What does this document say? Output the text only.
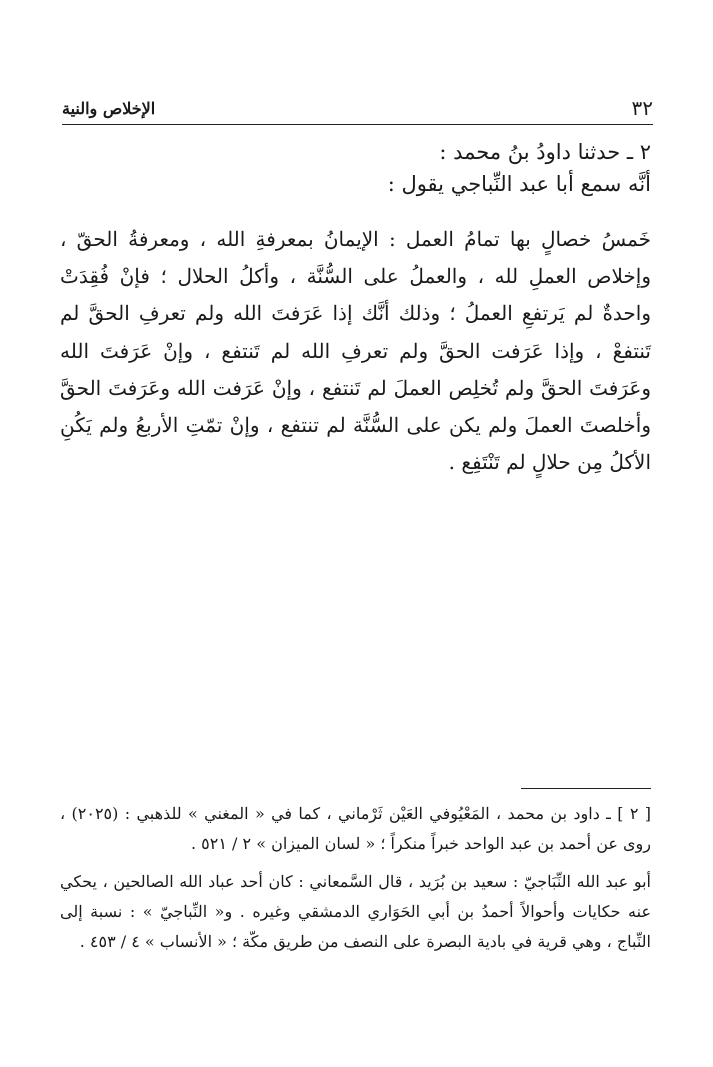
٣٢
الإخلاص والنية

٢ ـ حدثنا داودُ بنُ محمد :

أنَّه سمع أبا عبد النِّباجي يقول :

خَمسُ خصالٍ بها تمامُ العمل : الإيمانُ بمعرفةِ الله ، ومعرفةُ الحقّ ، وإخلاص العملِ لله ، والعملُ على السُّنَّة ، وأكلُ الحلال ؛ فإنْ فُقِدَتْ واحدةٌ لم يَرتفعِ العملُ ؛ وذلك أنَّك إذا عَرَفتَ الله ولم تعرفِ الحقَّ لم تَنتفعْ ، وإذا عَرَفت الحقَّ ولم تعرفِ الله لم تَنتفع ، وإنْ عَرَفتَ الله وعَرَفتَ الحقَّ ولم تُخلِص العملَ لم تَنتفع ، وإنْ عَرَفت الله وعَرَفتَ الحقَّ وأخلصتَ العملَ ولم يكن على السُّنَّة لم تنتفع ، وإنْ تمّتِ الأربعُ ولم يَكُنِ الأكلُ مِن حلالٍ لم تَنْتَفِع .

[ ٢ ] ـ داود بن محمد ، المَعْيُوفي العَيْن ثَرْماني ، كما في « المغني » للذهبي : (٢٠٢٥) ، روى عن أحمد بن عبد الواحد خبراً منكراً ؛ « لسان الميزان » ٢ / ٥٢١ .

أبو عبد الله النِّبَاجيّ : سعيد بن بُرَيد ، قال السَّمعاني : كان أحد عباد الله الصالحين ، يحكي عنه حكايات وأحوالاً أحمدُ بن أبي الحَوَاري الدمشقي وغيره . و« النِّباجيّ » : نسبة إلى النِّباج ، وهي قرية في بادية البصرة على النصف من طريق مكّة ؛ « الأنساب » ٤ / ٤٥٣ .
